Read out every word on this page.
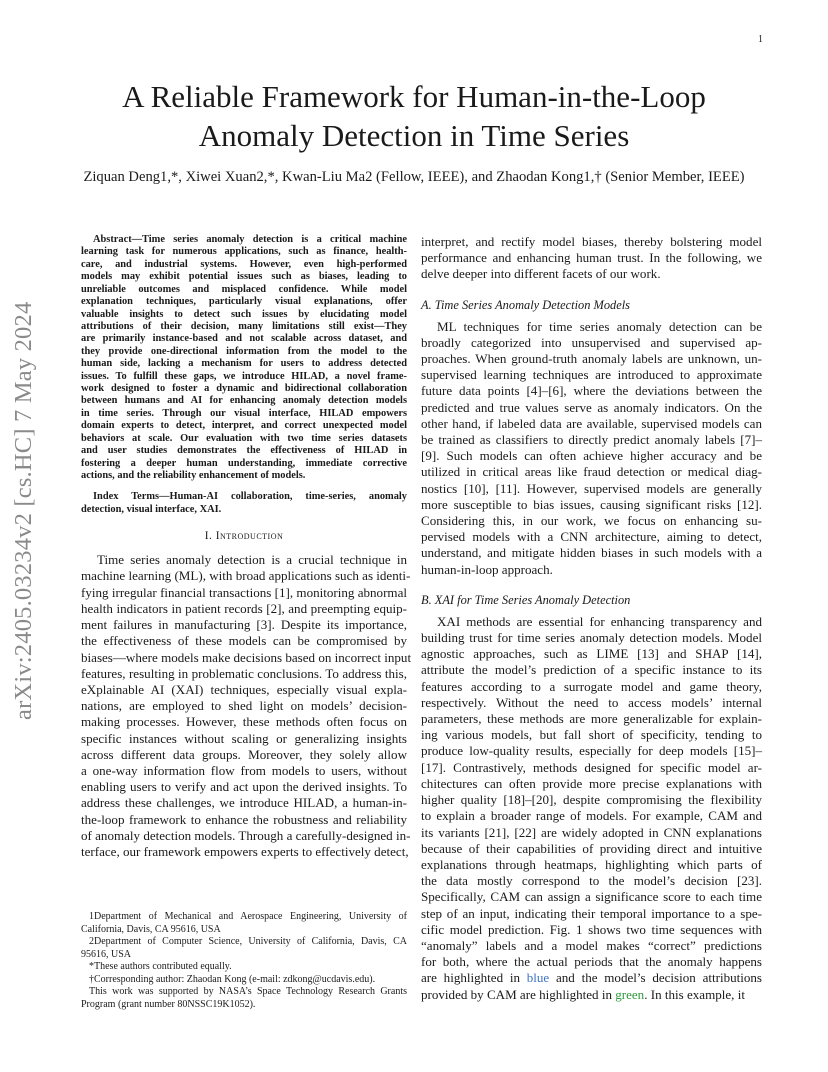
1
arXiv:2405.03234v2 [cs.HC] 7 May 2024
A Reliable Framework for Human-in-the-Loop
Anomaly Detection in Time Series
Ziquan Deng1,*, Xiwei Xuan2,*, Kwan-Liu Ma2 (Fellow, IEEE), and Zhaodan Kong1,† (Senior Member, IEEE)
Abstract—Time series anomaly detection is a critical machine
learning task for numerous applications, such as finance, health-
care, and industrial systems. However, even high-performed
models may exhibit potential issues such as biases, leading to
unreliable outcomes and misplaced confidence. While model
explanation techniques, particularly visual explanations, offer
valuable insights to detect such issues by elucidating model
attributions of their decision, many limitations still exist—They
are primarily instance-based and not scalable across dataset, and
they provide one-directional information from the model to the
human side, lacking a mechanism for users to address detected
issues. To fulfill these gaps, we introduce HILAD, a novel frame-
work designed to foster a dynamic and bidirectional collaboration
between humans and AI for enhancing anomaly detection models
in time series. Through our visual interface, HILAD empowers
domain experts to detect, interpret, and correct unexpected model
behaviors at scale. Our evaluation with two time series datasets
and user studies demonstrates the effectiveness of HILAD in
fostering a deeper human understanding, immediate corrective
actions, and the reliability enhancement of models.
Index Terms—Human-AI collaboration, time-series, anomaly
detection, visual interface, XAI.
I. Introduction
Time series anomaly detection is a crucial technique in
machine learning (ML), with broad applications such as identi-
fying irregular financial transactions [1], monitoring abnormal
health indicators in patient records [2], and preempting equip-
ment failures in manufacturing [3]. Despite its importance,
the effectiveness of these models can be compromised by
biases—where models make decisions based on incorrect input
features, resulting in problematic conclusions. To address this,
eXplainable AI (XAI) techniques, especially visual expla-
nations, are employed to shed light on models’ decision-
making processes. However, these methods often focus on
specific instances without scaling or generalizing insights
across different data groups. Moreover, they solely allow
a one-way information flow from models to users, without
enabling users to verify and act upon the derived insights. To
address these challenges, we introduce HILAD, a human-in-
the-loop framework to enhance the robustness and reliability
of anomaly detection models. Through a carefully-designed in-
terface, our framework empowers experts to effectively detect,
1Department of Mechanical and Aerospace Engineering, University of
California, Davis, CA 95616, USA
2Department of Computer Science, University of California, Davis, CA
95616, USA
*These authors contributed equally.
†Corresponding author: Zhaodan Kong (e-mail: zdkong@ucdavis.edu).
This work was supported by NASA’s Space Technology Research Grants
Program (grant number 80NSSC19K1052).
interpret, and rectify model biases, thereby bolstering model
performance and enhancing human trust. In the following, we
delve deeper into different facets of our work.
A. Time Series Anomaly Detection Models
ML techniques for time series anomaly detection can be
broadly categorized into unsupervised and supervised ap-
proaches. When ground-truth anomaly labels are unknown, un-
supervised learning techniques are introduced to approximate
future data points [4]–[6], where the deviations between the
predicted and true values serve as anomaly indicators. On the
other hand, if labeled data are available, supervised models can
be trained as classifiers to directly predict anomaly labels [7]–
[9]. Such models can often achieve higher accuracy and be
utilized in critical areas like fraud detection or medical diag-
nostics [10], [11]. However, supervised models are generally
more susceptible to bias issues, causing significant risks [12].
Considering this, in our work, we focus on enhancing su-
pervised models with a CNN architecture, aiming to detect,
understand, and mitigate hidden biases in such models with a
human-in-loop approach.
B. XAI for Time Series Anomaly Detection
XAI methods are essential for enhancing transparency and
building trust for time series anomaly detection models. Model
agnostic approaches, such as LIME [13] and SHAP [14],
attribute the model’s prediction of a specific instance to its
features according to a surrogate model and game theory,
respectively. Without the need to access models’ internal
parameters, these methods are more generalizable for explain-
ing various models, but fall short of specificity, tending to
produce low-quality results, especially for deep models [15]–
[17]. Contrastively, methods designed for specific model ar-
chitectures can often provide more precise explanations with
higher quality [18]–[20], despite compromising the flexibility
to explain a broader range of models. For example, CAM and
its variants [21], [22] are widely adopted in CNN explanations
because of their capabilities of providing direct and intuitive
explanations through heatmaps, highlighting which parts of
the data mostly correspond to the model’s decision [23].
Specifically, CAM can assign a significance score to each time
step of an input, indicating their temporal importance to a spe-
cific model prediction. Fig. 1 shows two time sequences with
“anomaly” labels and a model makes “correct” predictions
for both, where the actual periods that the anomaly happens
are highlighted in blue and the model’s decision attributions
provided by CAM are highlighted in green. In this example, it
